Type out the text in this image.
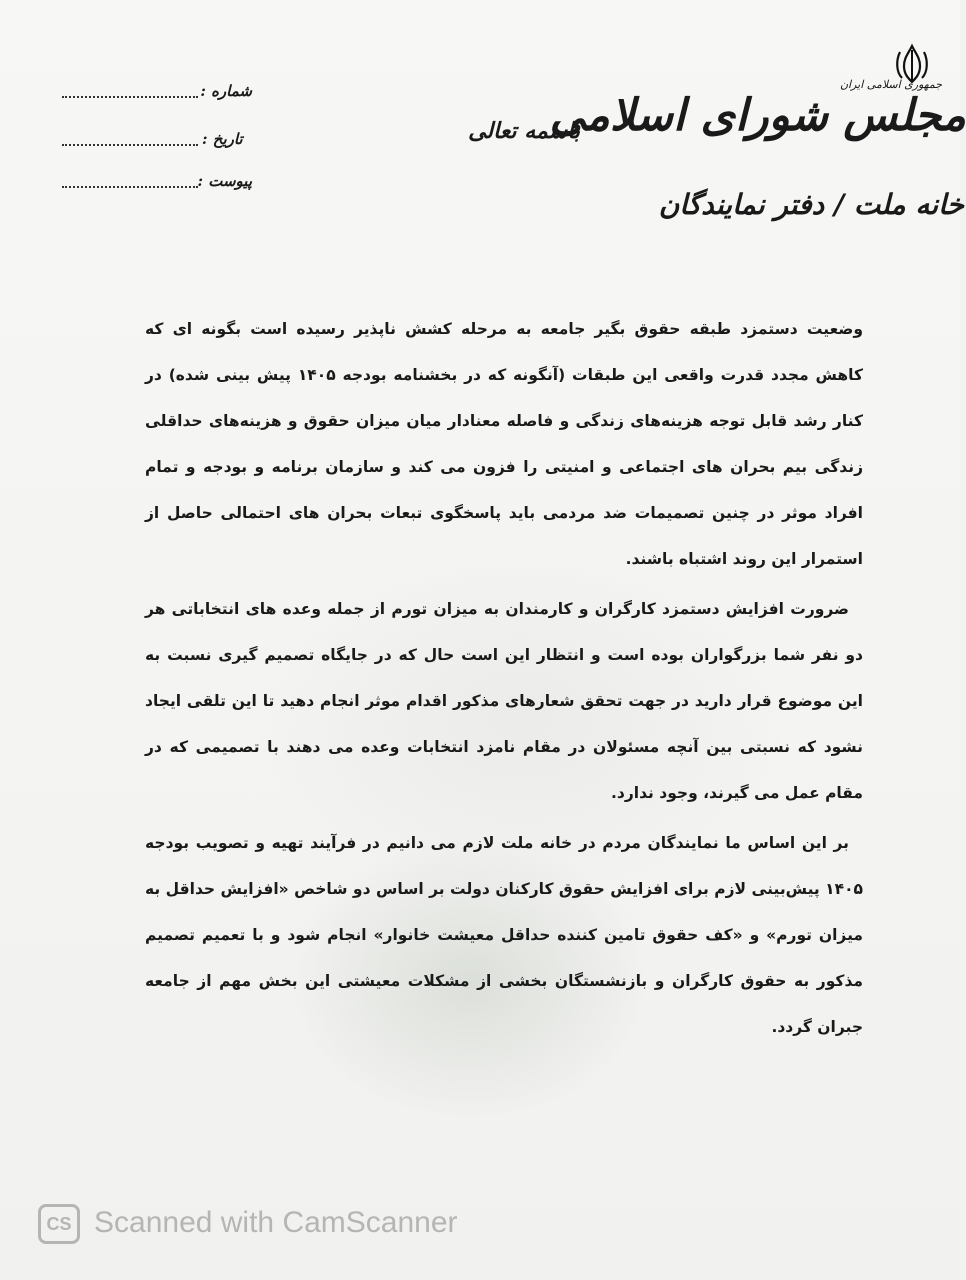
جمهوری اسلامی ایران
مجلس شورای اسلامی
خانه ملت / دفتر نمایندگان
باسمه تعالی
شماره :
تاریخ :
پیوست :

وضعیت دستمزد طبقه حقوق بگیر جامعه به مرحله کشش ناپذیر رسیده است بگونه ای که کاهش مجدد قدرت واقعی این طبقات (آنگونه که در بخشنامه بودجه ۱۴۰۵ پیش بینی شده) در کنار رشد قابل توجه هزینه‌های زندگی و فاصله معنادار میان میزان حقوق و هزینه‌های حداقلی زندگی بیم بحران های اجتماعی و امنیتی را فزون می کند و سازمان برنامه و بودجه و تمام افراد موثر در چنین تصمیمات ضد مردمی باید پاسخگوی تبعات بحران های احتمالی حاصل از استمرار این روند اشتباه باشند.

ضرورت افزایش دستمزد کارگران و کارمندان به میزان تورم از جمله وعده های انتخاباتی هر دو نفر شما بزرگواران بوده است و انتظار این است حال که در جایگاه تصمیم گیری نسبت به این موضوع قرار دارید در جهت تحقق شعارهای مذکور اقدام موثر انجام دهید تا این تلقی ایجاد نشود که نسبتی بین آنچه مسئولان در مقام نامزد انتخابات وعده می دهند با تصمیمی که در مقام عمل می گیرند، وجود ندارد.

بر این اساس ما نمایندگان مردم در خانه ملت لازم می دانیم در فرآیند تهیه و تصویب بودجه ۱۴۰۵ پیش‌بینی لازم برای افزایش حقوق کارکنان دولت بر اساس دو شاخص «افزایش حداقل به میزان تورم» و «کف حقوق تامین کننده حداقل معیشت خانوار» انجام شود و با تعمیم تصمیم مذکور به حقوق کارگران و بازنشستگان بخشی از مشکلات معیشتی این بخش مهم از جامعه جبران گردد.

CS Scanned with CamScanner
